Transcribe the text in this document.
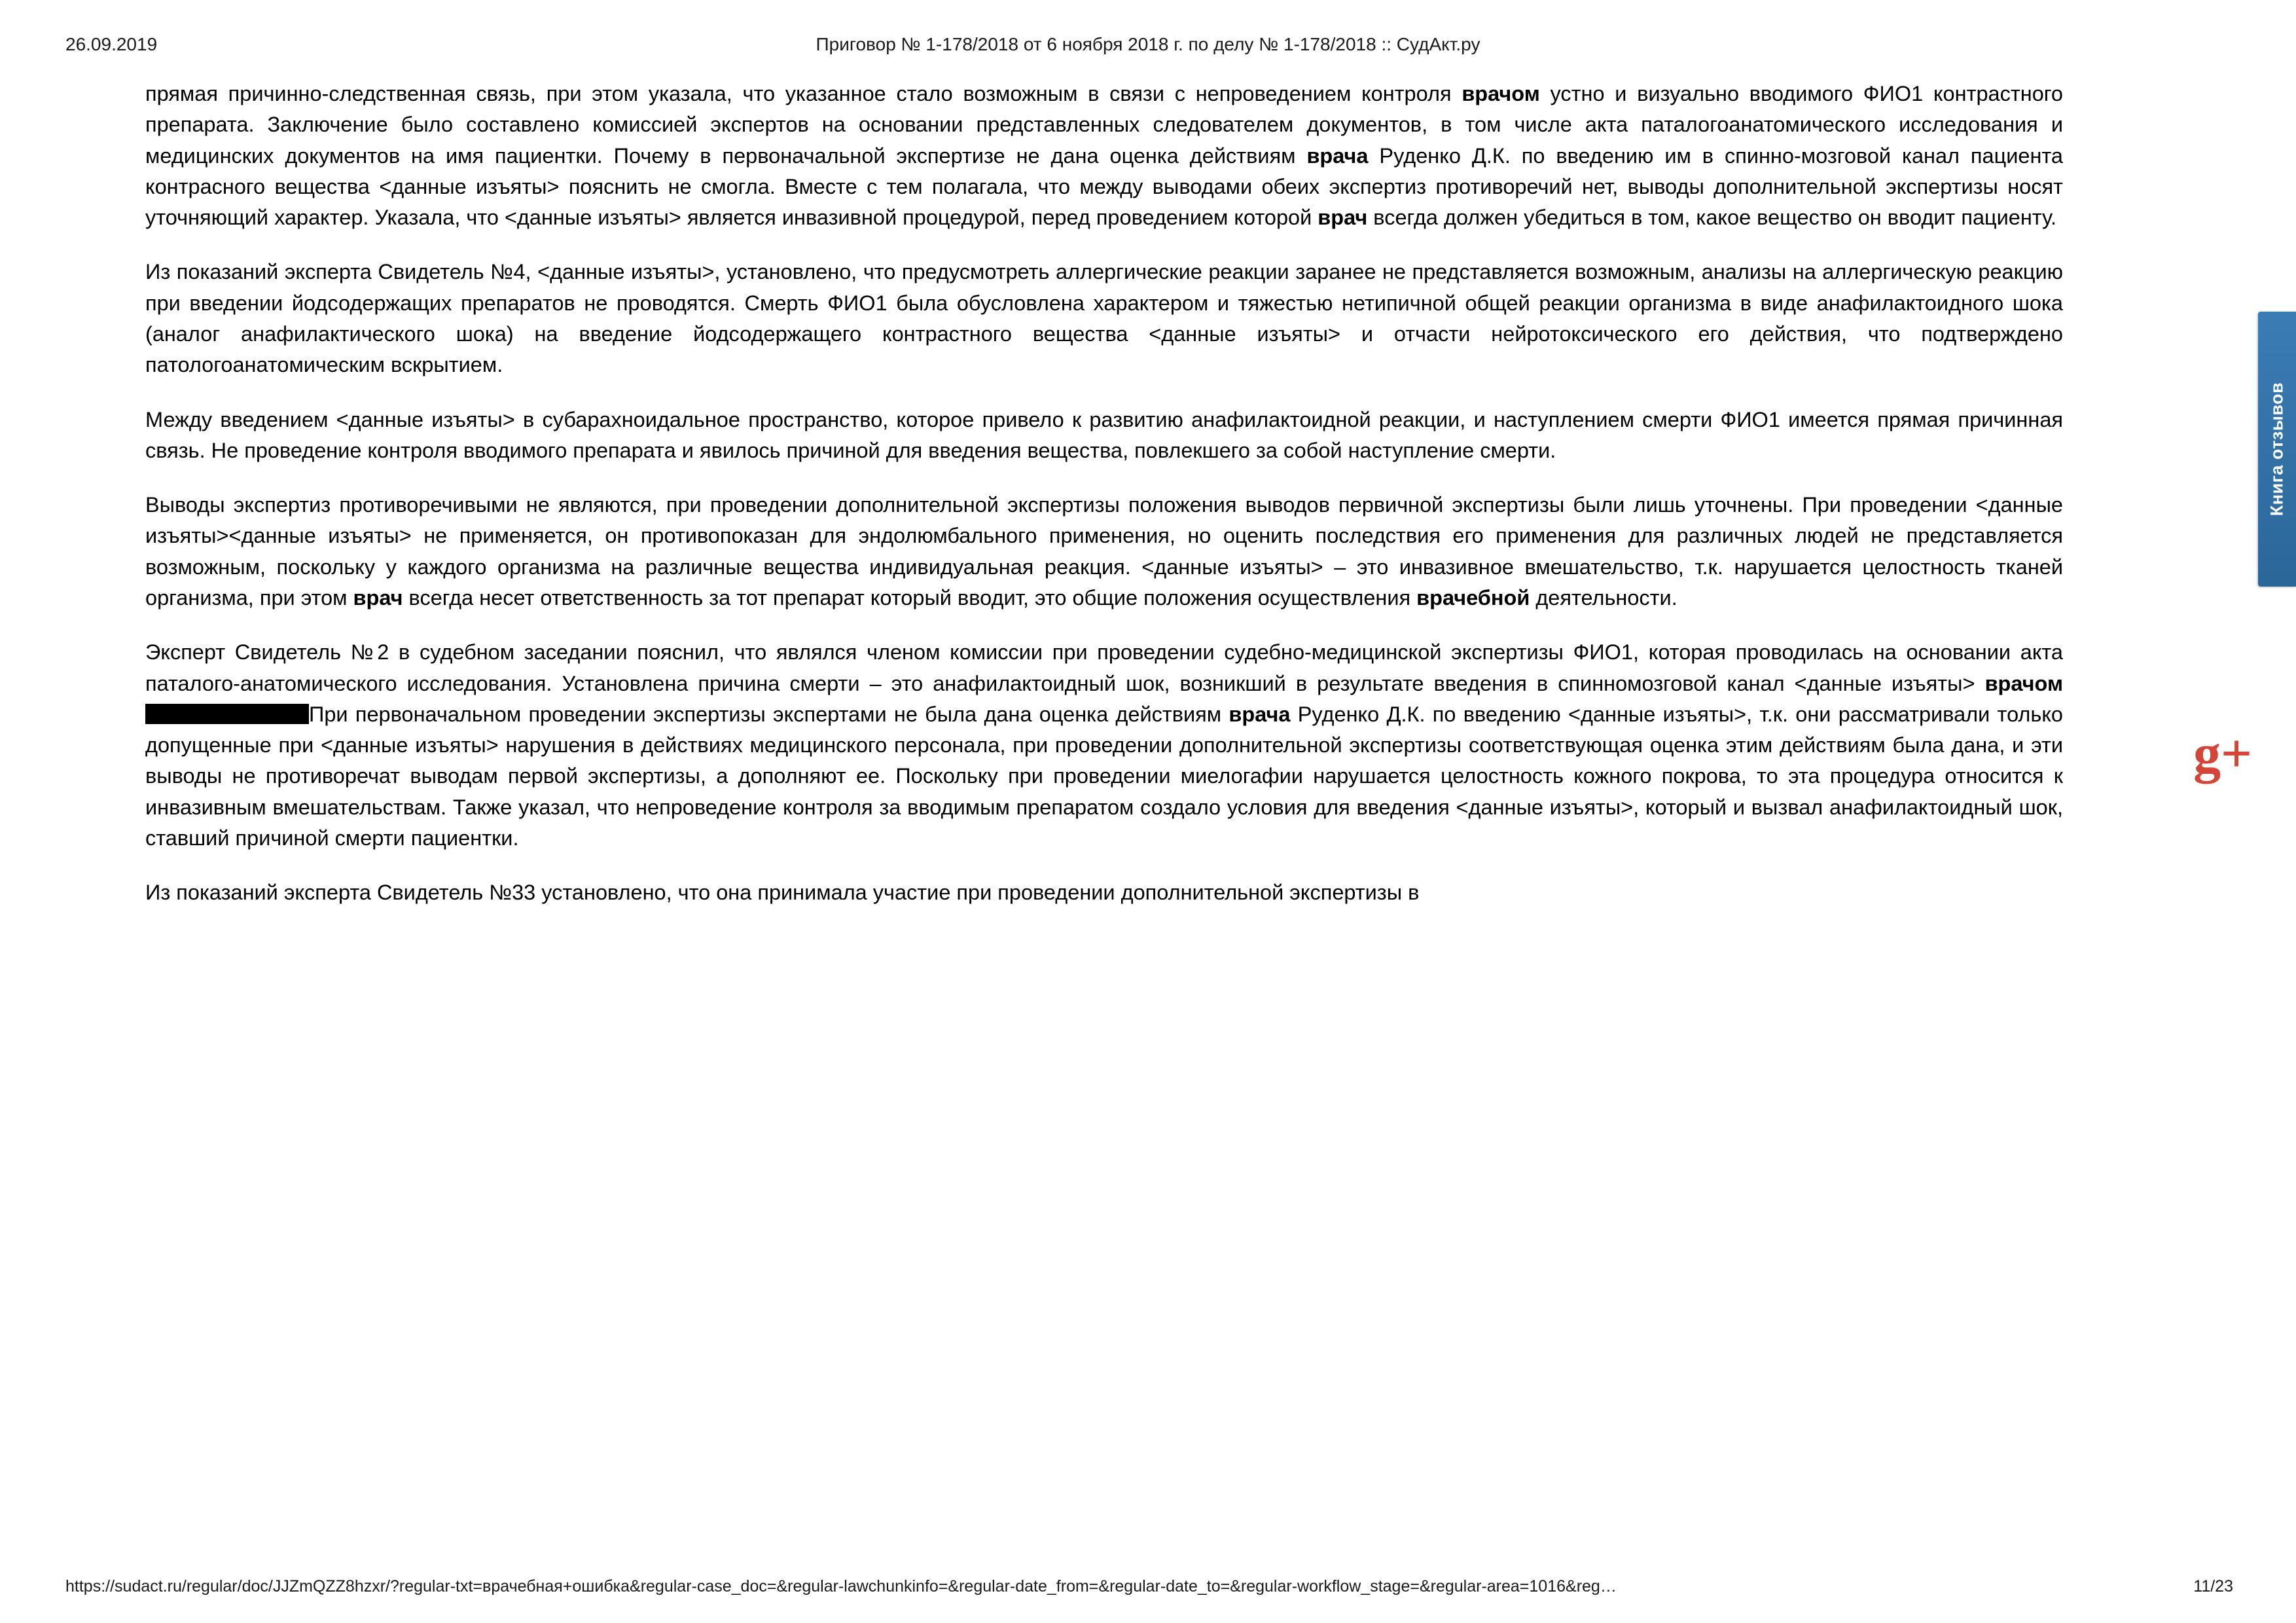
26.09.2019	Приговор № 1-178/2018 от 6 ноября 2018 г. по делу № 1-178/2018 :: СудАкт.ру

прямая причинно-следственная связь, при этом указала, что указанное стало возможным в связи с непроведением контроля врачом устно и визуально вводимого ФИО1 контрастного препарата. Заключение было составлено комиссией экспертов на основании представленных следователем документов, в том числе акта паталогоанатомического исследования и медицинских документов на имя пациентки. Почему в первоначальной экспертизе не дана оценка действиям врача Руденко Д.К. по введению им в спинно-мозговой канал пациента контрасного вещества <данные изъяты> пояснить не смогла. Вместе с тем полагала, что между выводами обеих экспертиз противоречий нет, выводы дополнительной экспертизы носят уточняющий характер. Указала, что <данные изъяты> является инвазивной процедурой, перед проведением которой врач всегда должен убедиться в том, какое вещество он вводит пациенту.

Из показаний эксперта Свидетель №4, <данные изъяты>, установлено, что предусмотреть аллергические реакции заранее не представляется возможным, анализы на аллергическую реакцию при введении йодсодержащих препаратов не проводятся. Смерть ФИО1 была обусловлена характером и тяжестью нетипичной общей реакции организма в виде анафилактоидного шока (аналог анафилактического шока) на введение йодсодержащего контрастного вещества <данные изъяты> и отчасти нейротоксического его действия, что подтверждено патологоанатомическим вскрытием.

Между введением <данные изъяты> в субарахноидальное пространство, которое привело к развитию анафилактоидной реакции, и наступлением смерти ФИО1 имеется прямая причинная связь. Не проведение контроля вводимого препарата и явилось причиной для введения вещества, повлекшего за собой наступление смерти.

Выводы экспертиз противоречивыми не являются, при проведении дополнительной экспертизы положения выводов первичной экспертизы были лишь уточнены. При проведении <данные изъяты><данные изъяты> не применяется, он противопоказан для эндолюмбального применения, но оценить последствия его применения для различных людей не представляется возможным, поскольку у каждого организма на различные вещества индивидуальная реакция. <данные изъяты> – это инвазивное вмешательство, т.к. нарушается целостность тканей организма, при этом врач всегда несет ответственность за тот препарат который вводит, это общие положения осуществления врачебной деятельности.

Эксперт Свидетель №2 в судебном заседании пояснил, что являлся членом комиссии при проведении судебно-медицинской экспертизы ФИО1, которая проводилась на основании акта паталого-анатомического исследования. Установлена причина смерти – это анафилактоидный шок, возникший в результате введения в спинномозговой канал <данные изъяты> врачомПри первоначальном проведении экспертизы экспертами не была дана оценка действиям врача Руденко Д.К. по введению <данные изъяты>, т.к. они рассматривали только допущенные при <данные изъяты> нарушения в действиях медицинского персонала, при проведении дополнительной экспертизы соответствующая оценка этим действиям была дана, и эти выводы не противоречат выводам первой экспертизы, а дополняют ее. Поскольку при проведении миелогафии нарушается целостность кожного покрова, то эта процедура относится к инвазивным вмешательствам. Также указал, что непроведение контроля за вводимым препаратом создало условия для введения <данные изъяты>, который и вызвал анафилактоидный шок, ставший причиной смерти пациентки.

Из показаний эксперта Свидетель №33 установлено, что она принимала участие при проведении дополнительной экспертизы в

Книга отзывов
g+
https://sudact.ru/regular/doc/JJZmQZZ8hzxr/?regular-txt=врачебная+ошибка&regular-case_doc=&regular-lawchunkinfo=&regular-date_from=&regular-date_to=&regular-workflow_stage=&regular-area=1016&reg…	11/23
